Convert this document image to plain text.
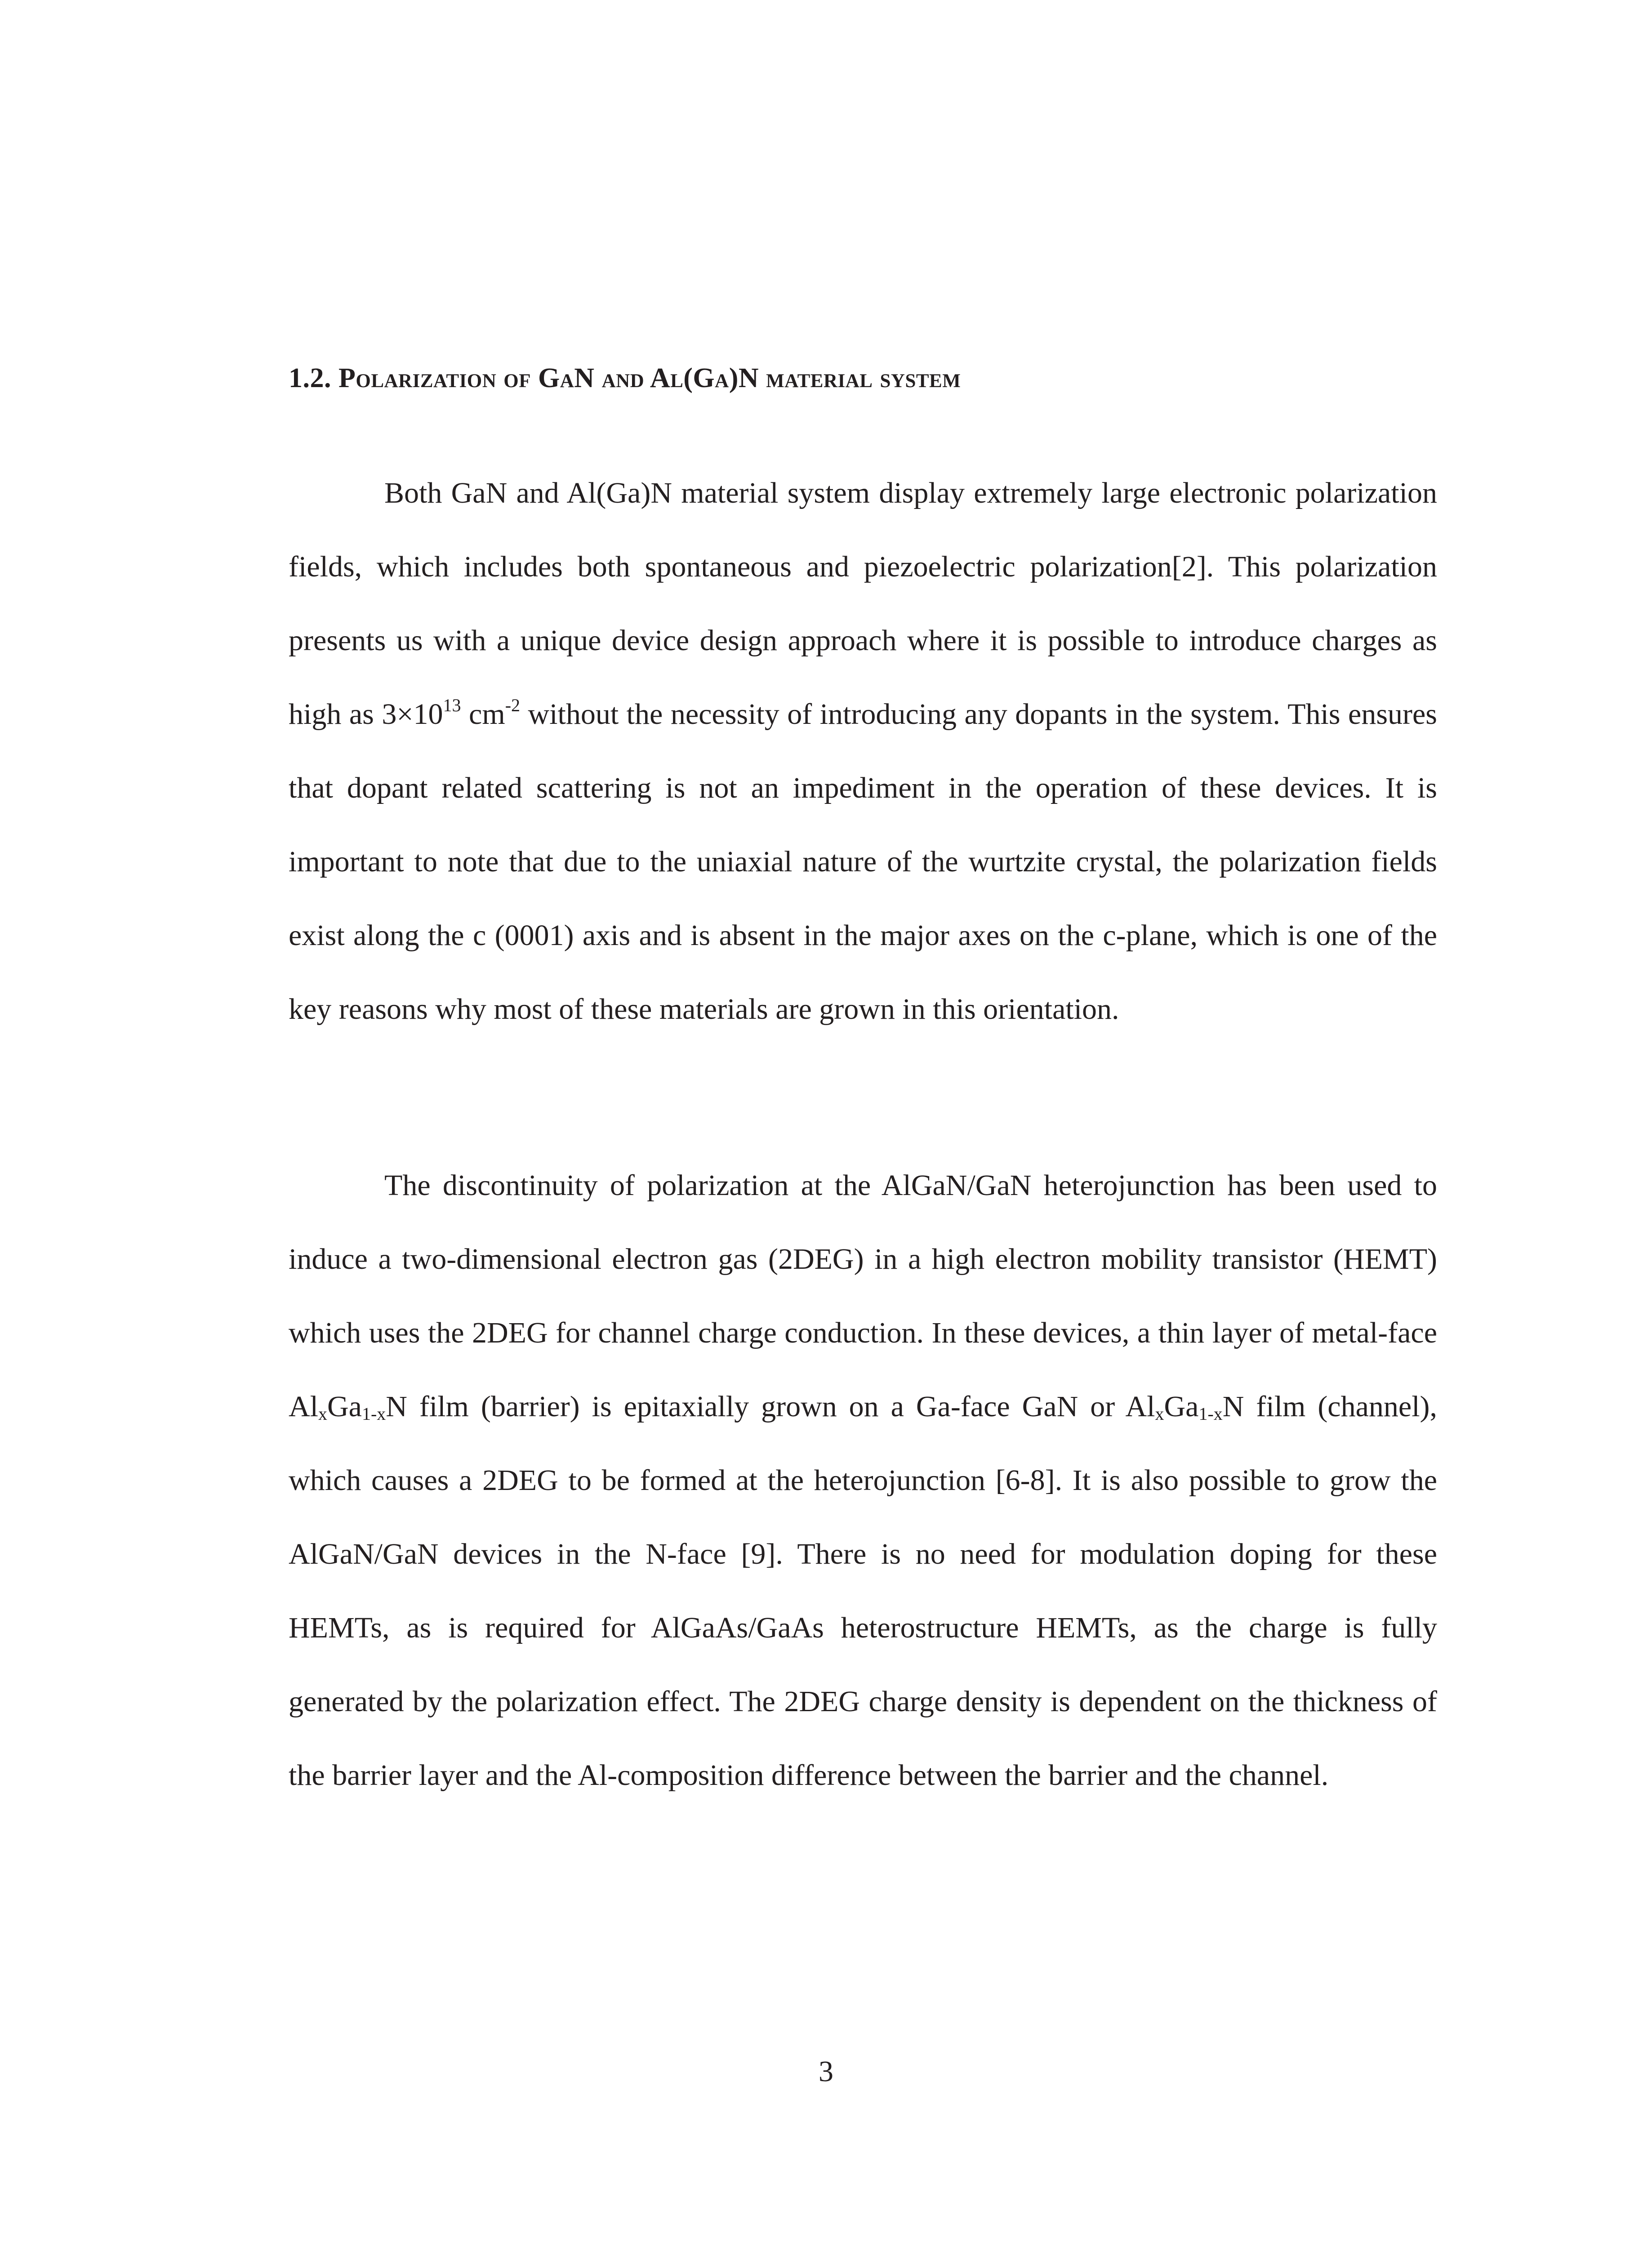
1.2. Polarization of GaN and Al(Ga)N material system

Both GaN and Al(Ga)N material system display extremely large electronic polarization fields, which includes both spontaneous and piezoelectric polarization[2]. This polarization presents us with a unique device design approach where it is possible to introduce charges as high as $3\times 10^{13}$ $cm^{-2}$ without the necessity of introducing any dopants in the system. This ensures that dopant related scattering is not an impediment in the operation of these devices. It is important to note that due to the uniaxial nature of the wurtzite crystal, the polarization fields exist along the c (0001) axis and is absent in the major axes on the c-plane, which is one of the key reasons why most of these materials are grown in this orientation.

The discontinuity of polarization at the AlGaN/GaN heterojunction has been used to induce a two-dimensional electron gas (2DEG) in a high electron mobility transistor (HEMT) which uses the 2DEG for channel charge conduction. In these devices, a thin layer of metal-face $Al_xGa_{1-x}N$ film (barrier) is epitaxially grown on a Ga-face GaN or $Al_xGa_{1-x}N$ film (channel), which causes a 2DEG to be formed at the heterojunction [6-8]. It is also possible to grow the AlGaN/GaN devices in the N-face [9]. There is no need for modulation doping for these HEMTs, as is required for AlGaAs/GaAs heterostructure HEMTs, as the charge is fully generated by the polarization effect. The 2DEG charge density is dependent on the thickness of the barrier layer and the Al-composition difference between the barrier and the channel.

3
